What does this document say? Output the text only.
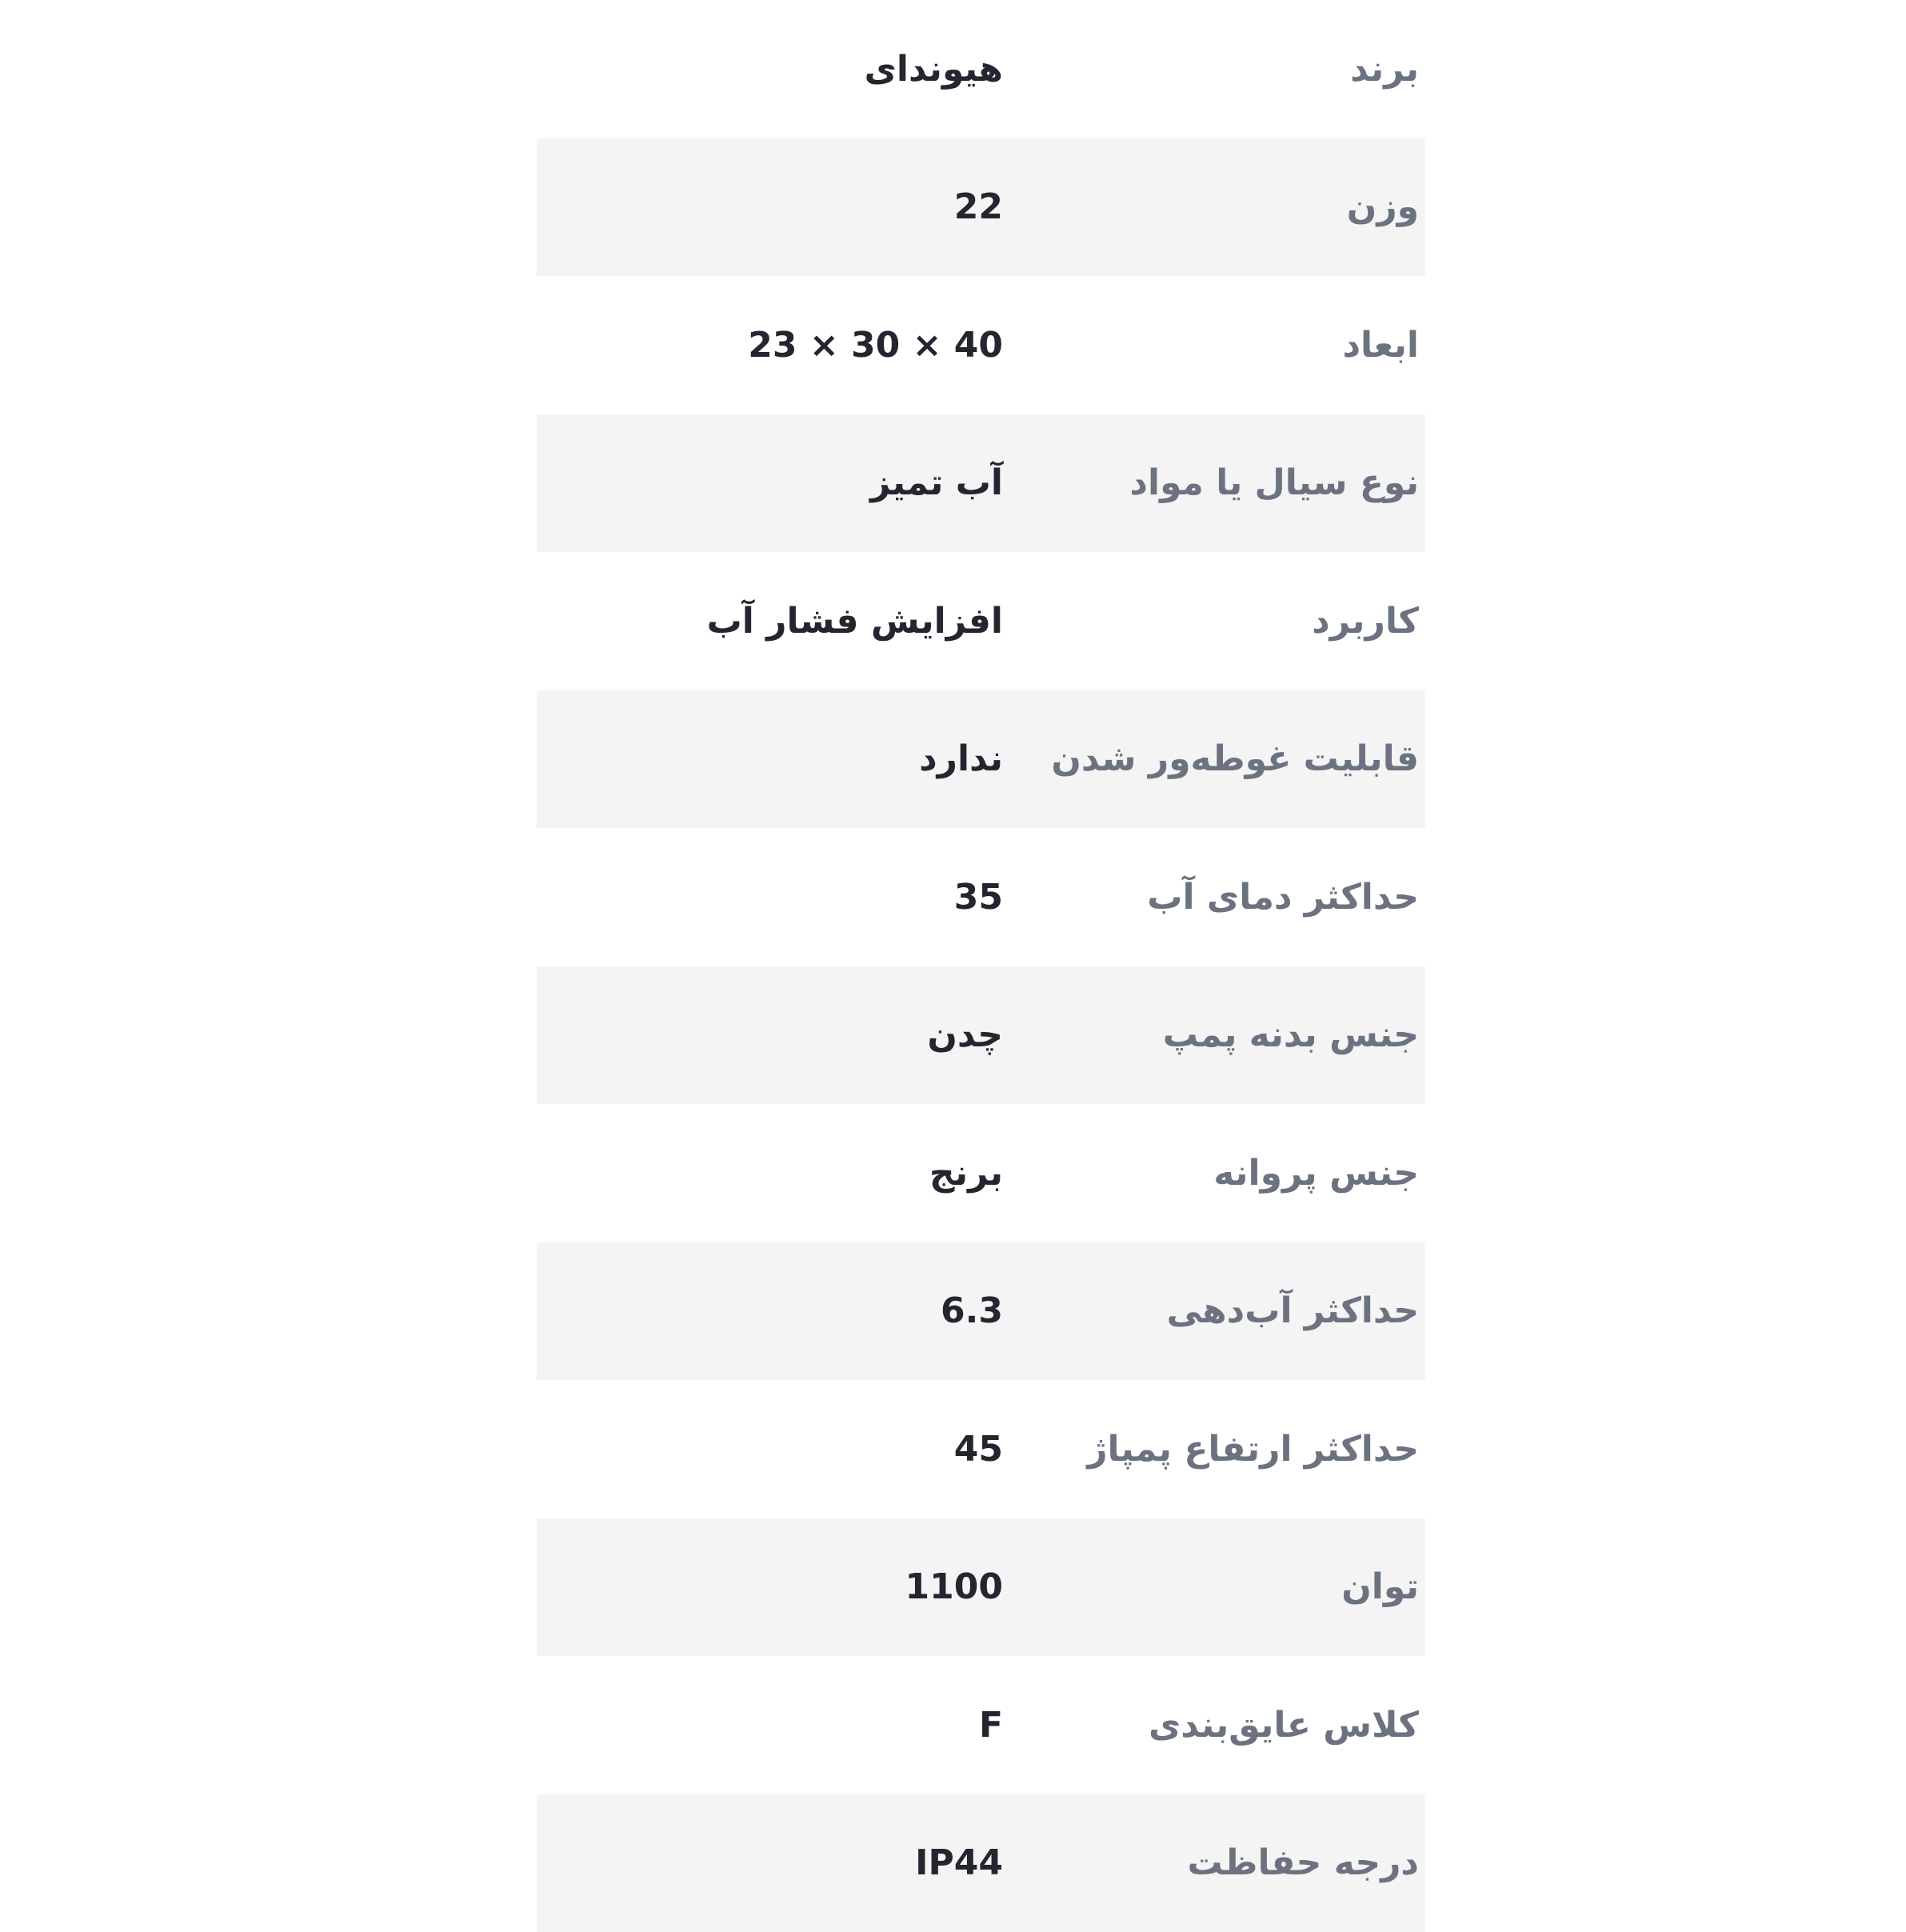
برند
هیوندای
وزن
22
ابعاد
23 × 30 × 40
نوع سیال یا مواد
آب تمیز
کاربرد
افزایش فشار آب
قابلیت غوطه‌ور شدن
ندارد
حداکثر دمای آب
35
جنس بدنه پمپ
چدن
جنس پروانه
برنج
حداکثر آب‌دهی
6.3
حداکثر ارتفاع پمپاژ
45
توان
1100
کلاس عایق‌بندی
F
درجه حفاظت
IP44
